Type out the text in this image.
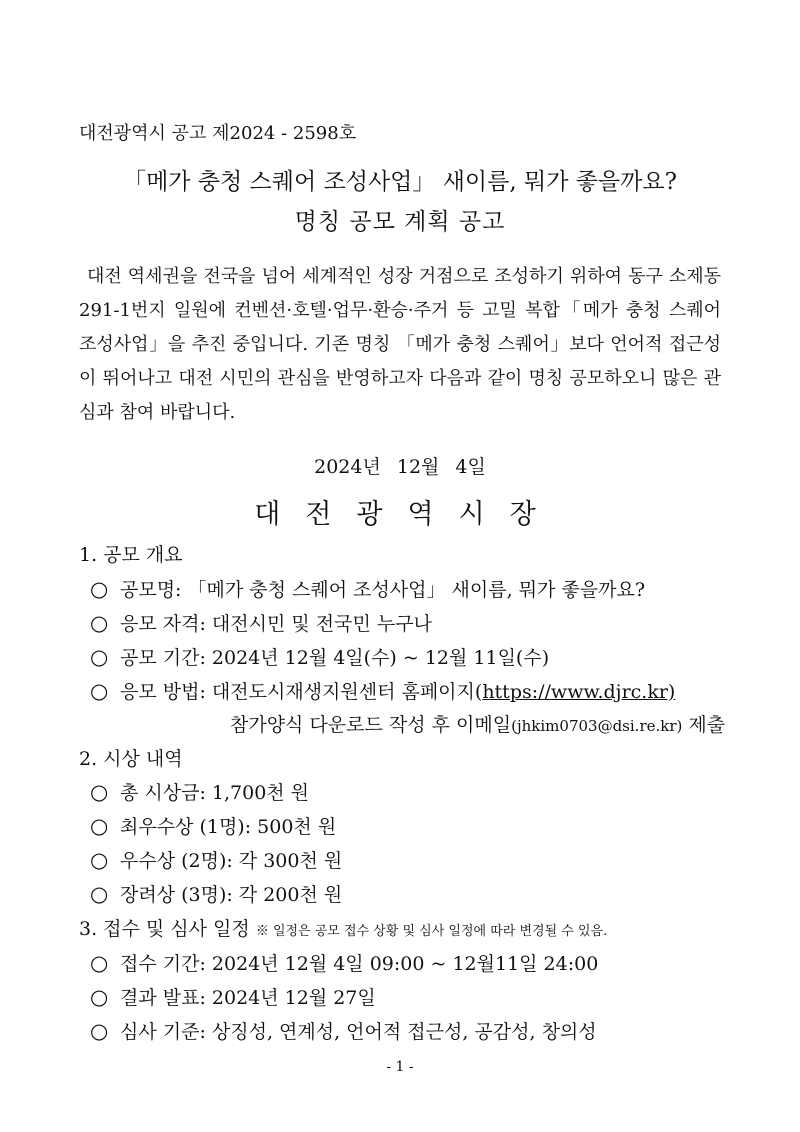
대전광역시 공고 제2024 - 2598호
「메가 충청 스퀘어 조성사업」 새이름, 뭐가 좋을까요?
명칭 공모 계획 공고
대전 역세권을 전국을 넘어 세계적인 성장 거점으로 조성하기 위하여 동구 소제동 291-1번지 일원에 컨벤션·호텔·업무·환승·주거 등 고밀 복합「메가 충청 스퀘어 조성사업」을 추진 중입니다. 기존 명칭 「메가 충청 스퀘어」보다 언어적 접근성이 뛰어나고 대전 시민의 관심을 반영하고자 다음과 같이 명칭 공모하오니 많은 관심과 참여 바랍니다.
2024년 12월 4일
대전광역시장
1. 공모 개요
○ 공모명: 「메가 충청 스퀘어 조성사업」 새이름, 뭐가 좋을까요?
○ 응모 자격: 대전시민 및 전국민 누구나
○ 공모 기간: 2024년 12월 4일(수) ~ 12월 11일(수)
○ 응모 방법: 대전도시재생지원센터 홈페이지(https://www.djrc.kr)
참가양식 다운로드 작성 후 이메일(jhkim0703@dsi.re.kr) 제출
2. 시상 내역
○ 총 시상금: 1,700천 원
○ 최우수상 (1명): 500천 원
○ 우수상 (2명): 각 300천 원
○ 장려상 (3명): 각 200천 원
3. 접수 및 심사 일정 ※ 일정은 공모 접수 상황 및 심사 일정에 따라 변경될 수 있음.
○ 접수 기간: 2024년 12월 4일 09:00 ~ 12월11일 24:00
○ 결과 발표: 2024년 12월 27일
○ 심사 기준: 상징성, 연계성, 언어적 접근성, 공감성, 창의성
- 1 -
